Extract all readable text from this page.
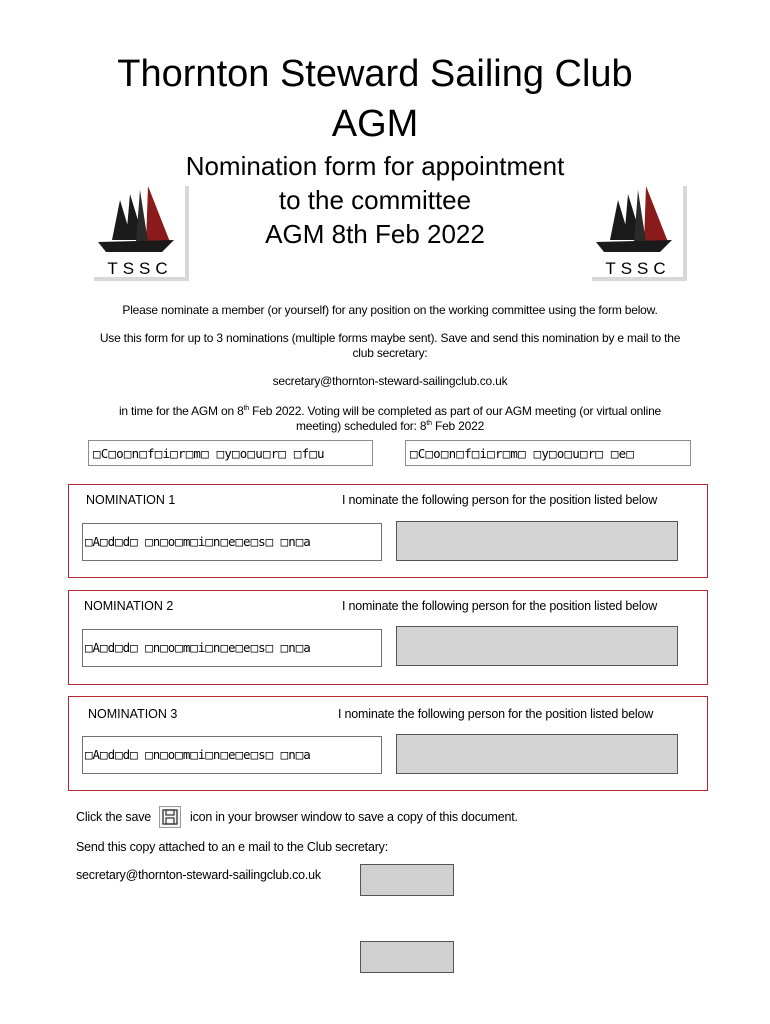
Thornton Steward Sailing Club
AGM
Nomination form for appointment
to the committee
AGM 8th Feb 2022
TSSC	TSSC
Please nominate a member (or yourself) for any position on the working committee using the form below.
Use this form for up to 3 nominations (multiple forms maybe sent). Save and send this nomination by e mail to the
club secretary:
secretary@thornton-steward-sailingclub.co.uk
in time for the AGM on 8th Feb 2022. Voting will be completed as part of our AGM meeting (or virtual online
meeting) scheduled for: 8th Feb 2022
□C□o□n□f□i□r□m□ □y□o□u□r□ □f□u	□C□o□n□f□i□r□m□ □y□o□u□r□ □e□
NOMINATION 1	I nominate the following person for the position listed below
□A□d□d□ □n□o□m□i□n□e□e□s□ □n□a
NOMINATION 2	I nominate the following person for the position listed below
□A□d□d□ □n□o□m□i□n□e□e□s□ □n□a
NOMINATION 3	I nominate the following person for the position listed below
□A□d□d□ □n□o□m□i□n□e□e□s□ □n□a
Click the save	icon in your browser window to save a copy of this document.
Send this copy attached to an e mail to the Club secretary:
secretary@thornton-steward-sailingclub.co.uk
